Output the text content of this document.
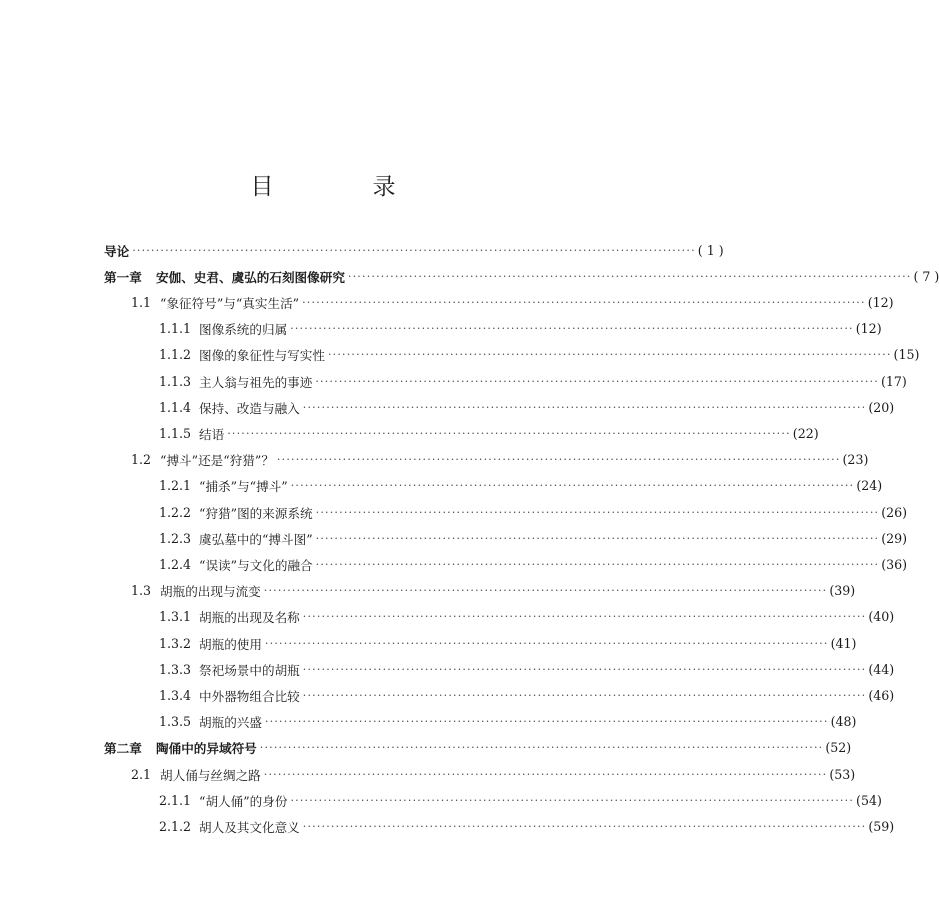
目　录
导论 ························································································································ ( 1 )
第一章	安伽、史君、虞弘的石刻图像研究 ························································································································ ( 7 )
1.1 “象征符号”与“真实生活” ························································································································ (12)
1.1.1 图像系统的归属 ························································································································ (12)
1.1.2 图像的象征性与写实性 ························································································································ (15)
1.1.3 主人翁与祖先的事迹 ························································································································ (17)
1.1.4 保持、改造与融入 ························································································································ (20)
1.1.5 结语 ························································································································ (22)
1.2 “搏斗”还是“狩猎”？ ························································································································ (23)
1.2.1 “捕杀”与“搏斗” ························································································································ (24)
1.2.2 “狩猎”图的来源系统 ························································································································ (26)
1.2.3 虞弘墓中的“搏斗图” ························································································································ (29)
1.2.4 “误读”与文化的融合 ························································································································ (36)
1.3 胡瓶的出现与流变 ························································································································ (39)
1.3.1 胡瓶的出现及名称 ························································································································ (40)
1.3.2 胡瓶的使用 ························································································································ (41)
1.3.3 祭祀场景中的胡瓶 ························································································································ (44)
1.3.4 中外器物组合比较 ························································································································ (46)
1.3.5 胡瓶的兴盛 ························································································································ (48)
第二章	陶俑中的异域符号 ························································································································ (52)
2.1 胡人俑与丝绸之路 ························································································································ (53)
2.1.1 “胡人俑”的身份 ························································································································ (54)
2.1.2 胡人及其文化意义 ························································································································ (59)
